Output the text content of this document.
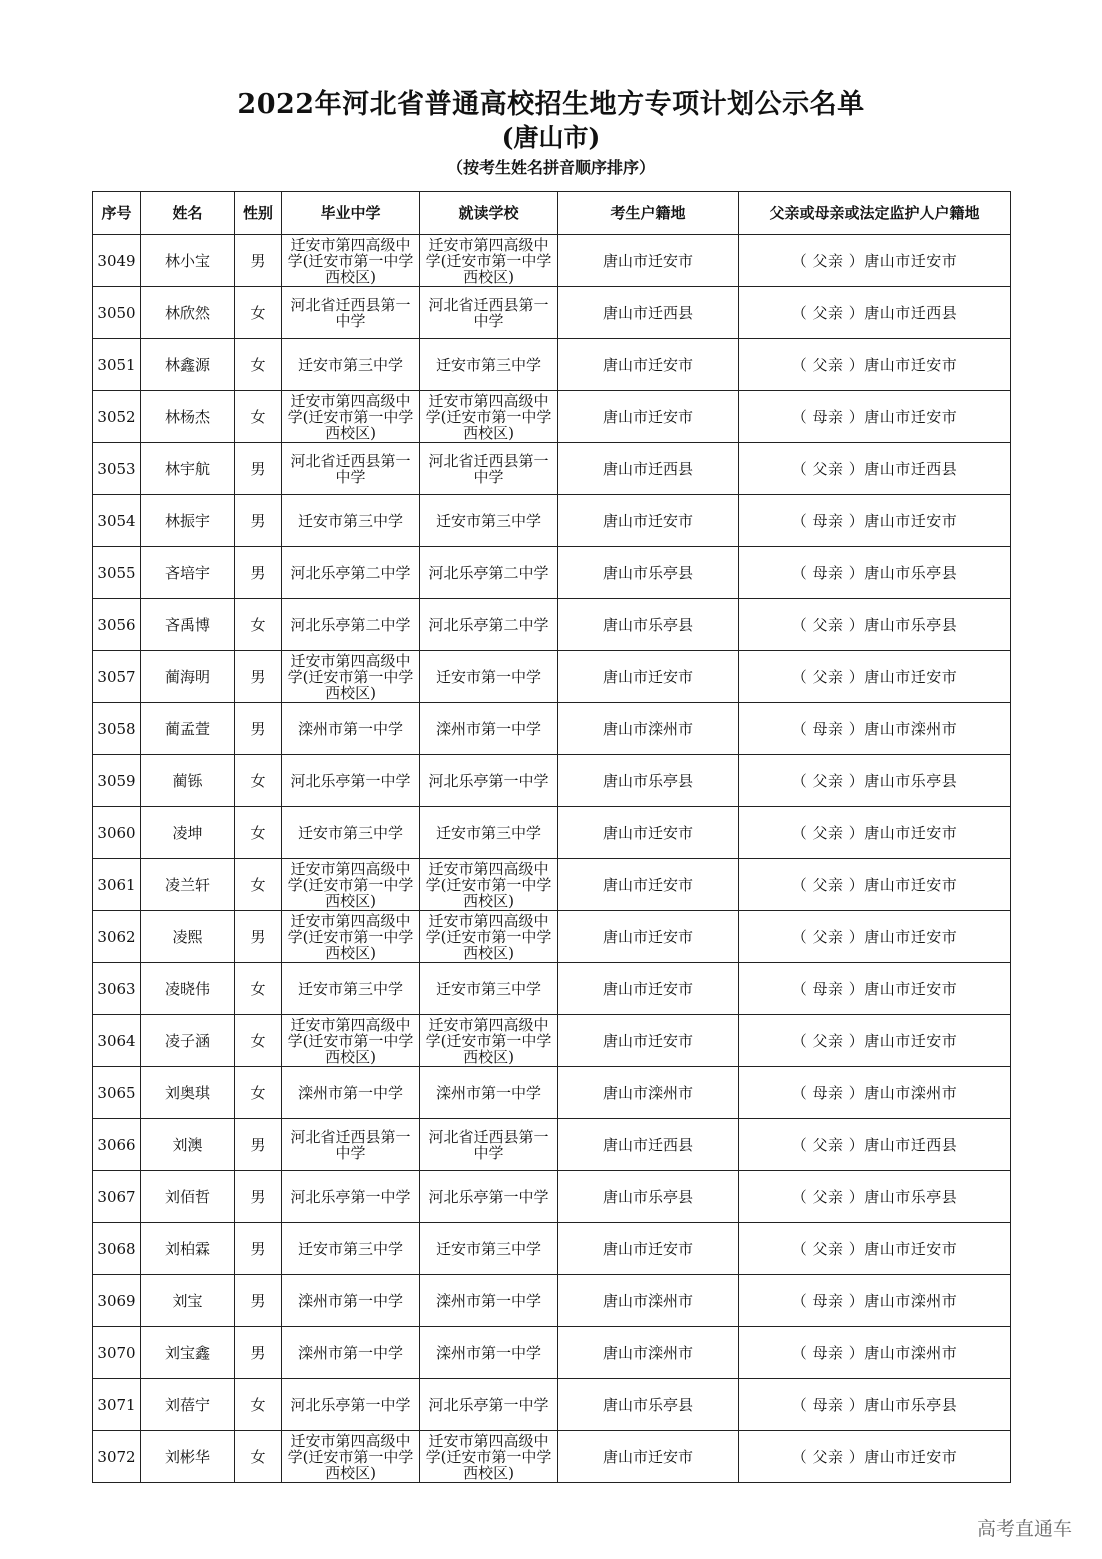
2022年河北省普通高校招生地方专项计划公示名单
(唐山市)
（按考生姓名拼音顺序排序）
序号	姓名	性别	毕业中学	就读学校	考生户籍地	父亲或母亲或法定监护人户籍地
3049	林小宝	男	迁安市第四高级中学(迁安市第一中学西校区)	迁安市第四高级中学(迁安市第一中学西校区)	唐山市迁安市	（ 父亲 ）唐山市迁安市
3050	林欣然	女	河北省迁西县第一中学	河北省迁西县第一中学	唐山市迁西县	（ 父亲 ）唐山市迁西县
3051	林鑫源	女	迁安市第三中学	迁安市第三中学	唐山市迁安市	（ 父亲 ）唐山市迁安市
3052	林杨杰	女	迁安市第四高级中学(迁安市第一中学西校区)	迁安市第四高级中学(迁安市第一中学西校区)	唐山市迁安市	（ 母亲 ）唐山市迁安市
3053	林宇航	男	河北省迁西县第一中学	河北省迁西县第一中学	唐山市迁西县	（ 父亲 ）唐山市迁西县
3054	林振宇	男	迁安市第三中学	迁安市第三中学	唐山市迁安市	（ 母亲 ）唐山市迁安市
3055	吝培宇	男	河北乐亭第二中学	河北乐亭第二中学	唐山市乐亭县	（ 母亲 ）唐山市乐亭县
3056	吝禹博	女	河北乐亭第二中学	河北乐亭第二中学	唐山市乐亭县	（ 父亲 ）唐山市乐亭县
3057	蔺海明	男	迁安市第四高级中学(迁安市第一中学西校区)	迁安市第一中学	唐山市迁安市	（ 父亲 ）唐山市迁安市
3058	蔺孟萱	男	滦州市第一中学	滦州市第一中学	唐山市滦州市	（ 母亲 ）唐山市滦州市
3059	蔺铄	女	河北乐亭第一中学	河北乐亭第一中学	唐山市乐亭县	（ 父亲 ）唐山市乐亭县
3060	凌坤	女	迁安市第三中学	迁安市第三中学	唐山市迁安市	（ 父亲 ）唐山市迁安市
3061	凌兰轩	女	迁安市第四高级中学(迁安市第一中学西校区)	迁安市第四高级中学(迁安市第一中学西校区)	唐山市迁安市	（ 父亲 ）唐山市迁安市
3062	凌熙	男	迁安市第四高级中学(迁安市第一中学西校区)	迁安市第四高级中学(迁安市第一中学西校区)	唐山市迁安市	（ 父亲 ）唐山市迁安市
3063	凌晓伟	女	迁安市第三中学	迁安市第三中学	唐山市迁安市	（ 母亲 ）唐山市迁安市
3064	凌子涵	女	迁安市第四高级中学(迁安市第一中学西校区)	迁安市第四高级中学(迁安市第一中学西校区)	唐山市迁安市	（ 父亲 ）唐山市迁安市
3065	刘奥琪	女	滦州市第一中学	滦州市第一中学	唐山市滦州市	（ 母亲 ）唐山市滦州市
3066	刘澳	男	河北省迁西县第一中学	河北省迁西县第一中学	唐山市迁西县	（ 父亲 ）唐山市迁西县
3067	刘佰哲	男	河北乐亭第一中学	河北乐亭第一中学	唐山市乐亭县	（ 父亲 ）唐山市乐亭县
3068	刘柏霖	男	迁安市第三中学	迁安市第三中学	唐山市迁安市	（ 父亲 ）唐山市迁安市
3069	刘宝	男	滦州市第一中学	滦州市第一中学	唐山市滦州市	（ 母亲 ）唐山市滦州市
3070	刘宝鑫	男	滦州市第一中学	滦州市第一中学	唐山市滦州市	（ 母亲 ）唐山市滦州市
3071	刘蓓宁	女	河北乐亭第一中学	河北乐亭第一中学	唐山市乐亭县	（ 母亲 ）唐山市乐亭县
3072	刘彬华	女	迁安市第四高级中学(迁安市第一中学西校区)	迁安市第四高级中学(迁安市第一中学西校区)	唐山市迁安市	（ 父亲 ）唐山市迁安市
高考直通车
